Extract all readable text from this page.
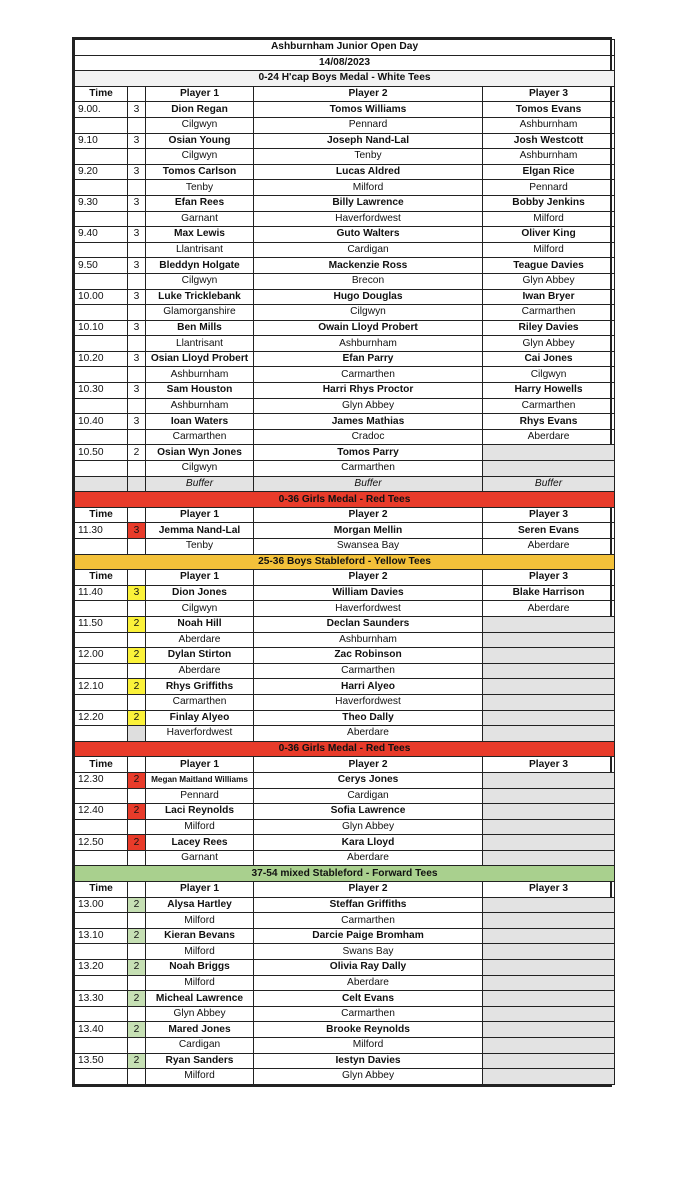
Ashburnham Junior Open Day				
14/08/2023				
0-24 H'cap Boys Medal - White Tees				
Time		Player 1	Player 2	Player 3
9.00.	3	Dion Regan	Tomos Williams	Tomos Evans
		Cilgwyn	Pennard	Ashburnham
9.10	3	Osian Young	Joseph Nand-Lal	Josh Westcott
		Cilgwyn	Tenby	Ashburnham
9.20	3	Tomos Carlson	Lucas Aldred	Elgan Rice
		Tenby	Milford	Pennard
9.30	3	Efan Rees	Billy Lawrence	Bobby Jenkins
		Garnant	Haverfordwest	Milford
9.40	3	Max Lewis	Guto Walters	Oliver King
		Llantrisant	Cardigan	Milford
9.50	3	Bleddyn Holgate	Mackenzie Ross	Teague Davies
		Cilgwyn	Brecon	Glyn Abbey
10.00	3	Luke Tricklebank	Hugo Douglas	Iwan Bryer
		Glamorganshire	Cilgwyn	Carmarthen
10.10	3	Ben Mills	Owain Lloyd Probert	Riley Davies
		Llantrisant	Ashburnham	Glyn Abbey
10.20	3	Osian Lloyd Probert	Efan Parry	Cai Jones
		Ashburnham	Carmarthen	Cilgwyn
10.30	3	Sam Houston	Harri Rhys Proctor	Harry Howells
		Ashburnham	Glyn Abbey	Carmarthen
10.40	3	Ioan Waters	James Mathias	Rhys Evans
		Carmarthen	Cradoc	Aberdare
10.50	2	Osian Wyn Jones	Tomos Parry	
		Cilgwyn	Carmarthen	
		Buffer	Buffer	Buffer
0-36 Girls Medal - Red Tees				
Time		Player 1	Player 2	Player 3
11.30	3	Jemma Nand-Lal	Morgan Mellin	Seren Evans
		Tenby	Swansea Bay	Aberdare
25-36 Boys Stableford - Yellow Tees				
Time		Player 1	Player 2	Player 3
11.40	3	Dion Jones	William Davies	Blake Harrison
		Cilgwyn	Haverfordwest	Aberdare
11.50	2	Noah Hill	Declan Saunders	
		Aberdare	Ashburnham	
12.00	2	Dylan Stirton	Zac Robinson	
		Aberdare	Carmarthen	
12.10	2	Rhys Griffiths	Harri Alyeo	
		Carmarthen	Haverfordwest	
12.20	2	Finlay Alyeo	Theo Dally	
		Haverfordwest	Aberdare	
0-36 Girls Medal - Red Tees				
Time		Player 1	Player 2	Player 3
12.30	2	Megan Maitland Williams	Cerys Jones	
		Pennard	Cardigan	
12.40	2	Laci Reynolds	Sofia Lawrence	
		Milford	Glyn Abbey	
12.50	2	Lacey Rees	Kara Lloyd	
		Garnant	Aberdare	
37-54 mixed Stableford - Forward Tees				
Time		Player 1	Player 2	Player 3
13.00	2	Alysa Hartley	Steffan Griffiths	
		Milford	Carmarthen	
13.10	2	Kieran Bevans	Darcie Paige Bromham	
		Milford	Swans Bay	
13.20	2	Noah Briggs	Olivia Ray Dally	
		Milford	Aberdare	
13.30	2	Micheal Lawrence	Celt Evans	
		Glyn Abbey	Carmarthen	
13.40	2	Mared Jones	Brooke Reynolds	
		Cardigan	Milford	
13.50	2	Ryan Sanders	Iestyn Davies	
		Milford	Glyn Abbey	
